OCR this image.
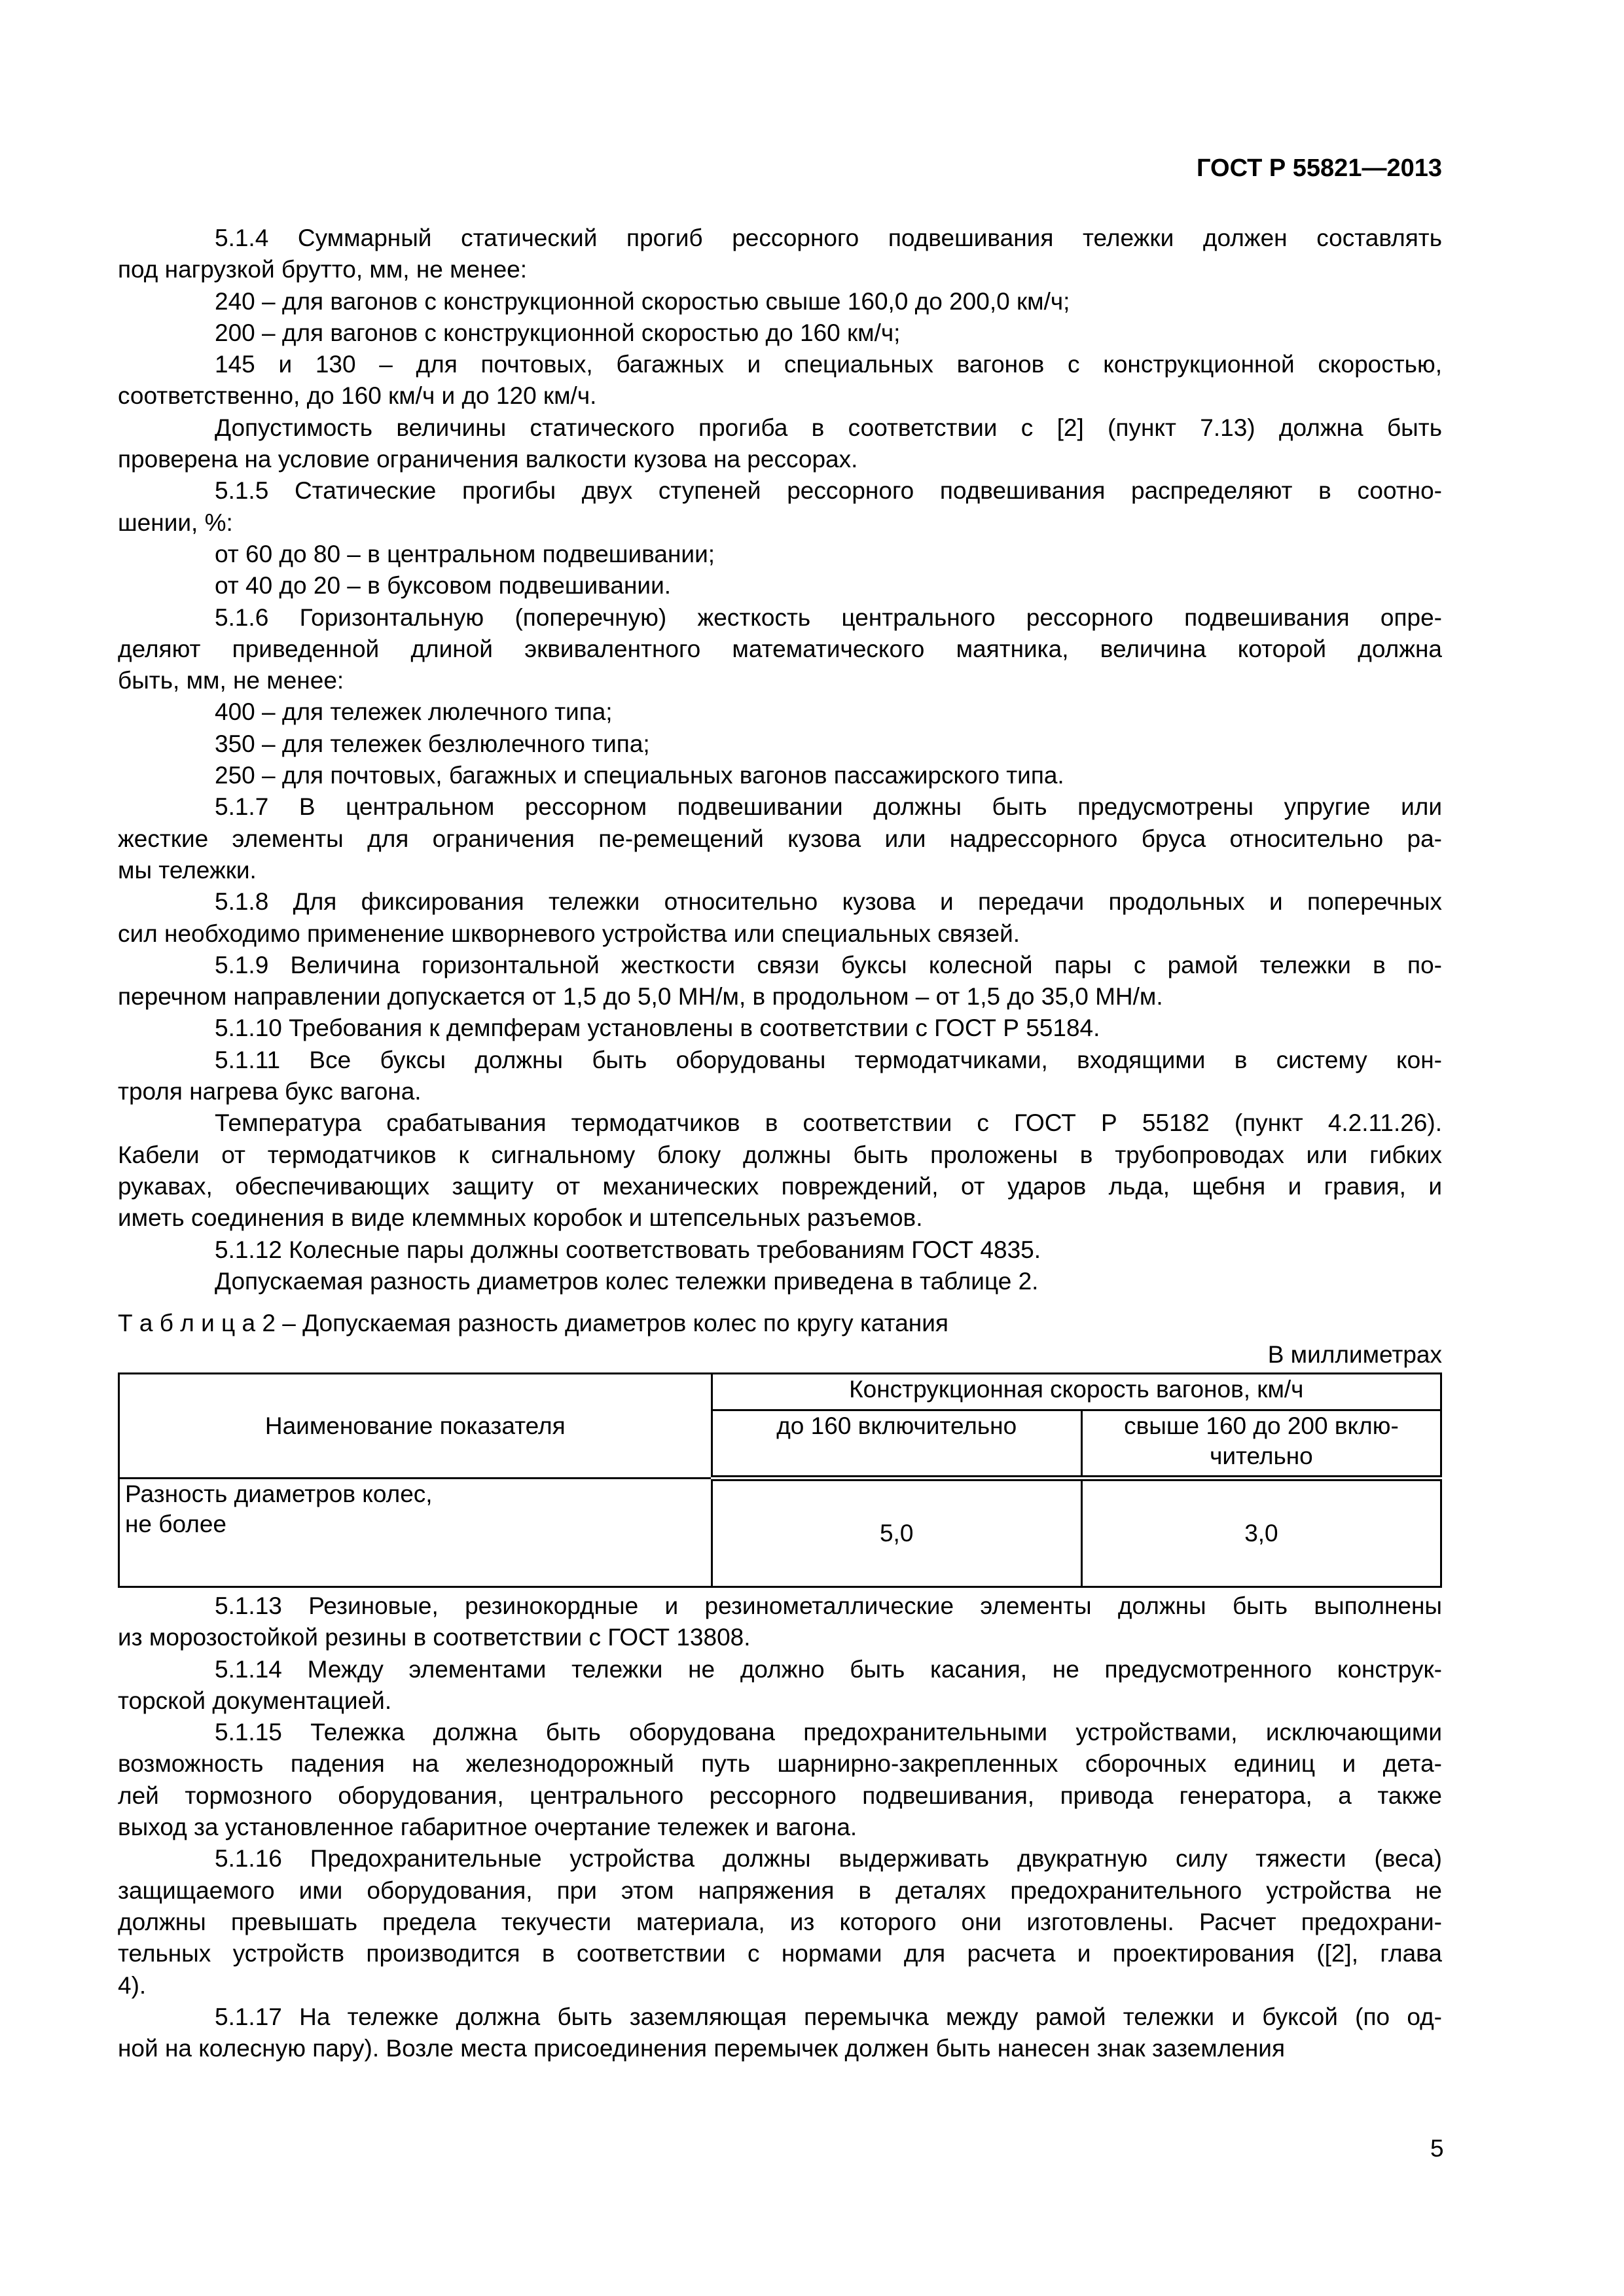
ГОСТ Р 55821—2013
5.1.4 Суммарный статический прогиб рессорного подвешивания тележки должен составлять
под нагрузкой брутто, мм, не менее:
240 – для вагонов с конструкционной скоростью свыше 160,0 до 200,0 км/ч;
200 – для вагонов с конструкционной скоростью до 160 км/ч;
145 и 130 – для почтовых, багажных и специальных вагонов с конструкционной скоростью,
соответственно, до 160 км/ч и до 120 км/ч.
Допустимость величины статического прогиба в соответствии с [2] (пункт 7.13) должна быть
проверена на условие ограничения валкости кузова на рессорах.
5.1.5 Статические прогибы двух ступеней рессорного подвешивания распределяют в соотно-
шении, %:
от 60 до 80 – в центральном подвешивании;
от 40 до 20 – в буксовом подвешивании.
5.1.6 Горизонтальную (поперечную) жесткость центрального рессорного подвешивания опре-
деляют приведенной длиной эквивалентного математического маятника, величина которой должна
быть, мм, не менее:
400 – для тележек люлечного типа;
350 – для тележек безлюлечного типа;
250 – для почтовых, багажных и специальных вагонов пассажирского типа.
5.1.7 В центральном рессорном подвешивании должны быть предусмотрены упругие или
жесткие элементы для ограничения пе-ремещений кузова или надрессорного бруса относительно ра-
мы тележки.
5.1.8 Для фиксирования тележки относительно кузова и передачи продольных и поперечных
сил необходимо применение шкворневого устройства или специальных связей.
5.1.9 Величина горизонтальной жесткости связи буксы колесной пары с рамой тележки в по-
перечном направлении допускается от 1,5 до 5,0 МН/м, в продольном – от 1,5 до 35,0 МН/м.
5.1.10 Требования к демпферам установлены в соответствии с ГОСТ Р 55184.
5.1.11 Все буксы должны быть оборудованы термодатчиками, входящими в систему кон-
троля нагрева букс вагона.
Температура срабатывания термодатчиков в соответствии с ГОСТ Р 55182 (пункт 4.2.11.26).
Кабели от термодатчиков к сигнальному блоку должны быть проложены в трубопроводах или гибких
рукавах, обеспечивающих защиту от механических повреждений, от ударов льда, щебня и гравия, и
иметь соединения в виде клеммных коробок и штепсельных разъемов.
5.1.12 Колесные пары должны соответствовать требованиям ГОСТ 4835.
Допускаемая разность диаметров колес тележки приведена в таблице 2.
Т а б л и ц а 2 – Допускаемая разность диаметров колес по кругу катания
В миллиметрах
Наименование показателя	Конструкционная скорость вагонов, км/ч	
	до 160 включительно	свыше 160 до 200 вклю-
чительно

Разность диаметров колес,
не более	5,0	3,0
5.1.13 Резиновые, резинокордные и резинометаллические элементы должны быть выполнены
из морозостойкой резины в соответствии с ГОСТ 13808.
5.1.14 Между элементами тележки не должно быть касания, не предусмотренного конструк-
торской документацией.
5.1.15 Тележка должна быть оборудована предохранительными устройствами, исключающими
возможность падения на железнодорожный путь шарнирно-закрепленных сборочных единиц и дета-
лей тормозного оборудования, центрального рессорного подвешивания, привода генератора, а также
выход за установленное габаритное очертание тележек и вагона.
5.1.16 Предохранительные устройства должны выдерживать двукратную силу тяжести (веса)
защищаемого ими оборудования, при этом напряжения в деталях предохранительного устройства не
должны превышать предела текучести материала, из которого они изготовлены. Расчет предохрани-
тельных устройств производится в соответствии с нормами для расчета и проектирования ([2], глава
4).
5.1.17 На тележке должна быть заземляющая перемычка между рамой тележки и буксой (по од-
ной на колесную пару). Возле места присоединения перемычек должен быть нанесен знак заземления
5
